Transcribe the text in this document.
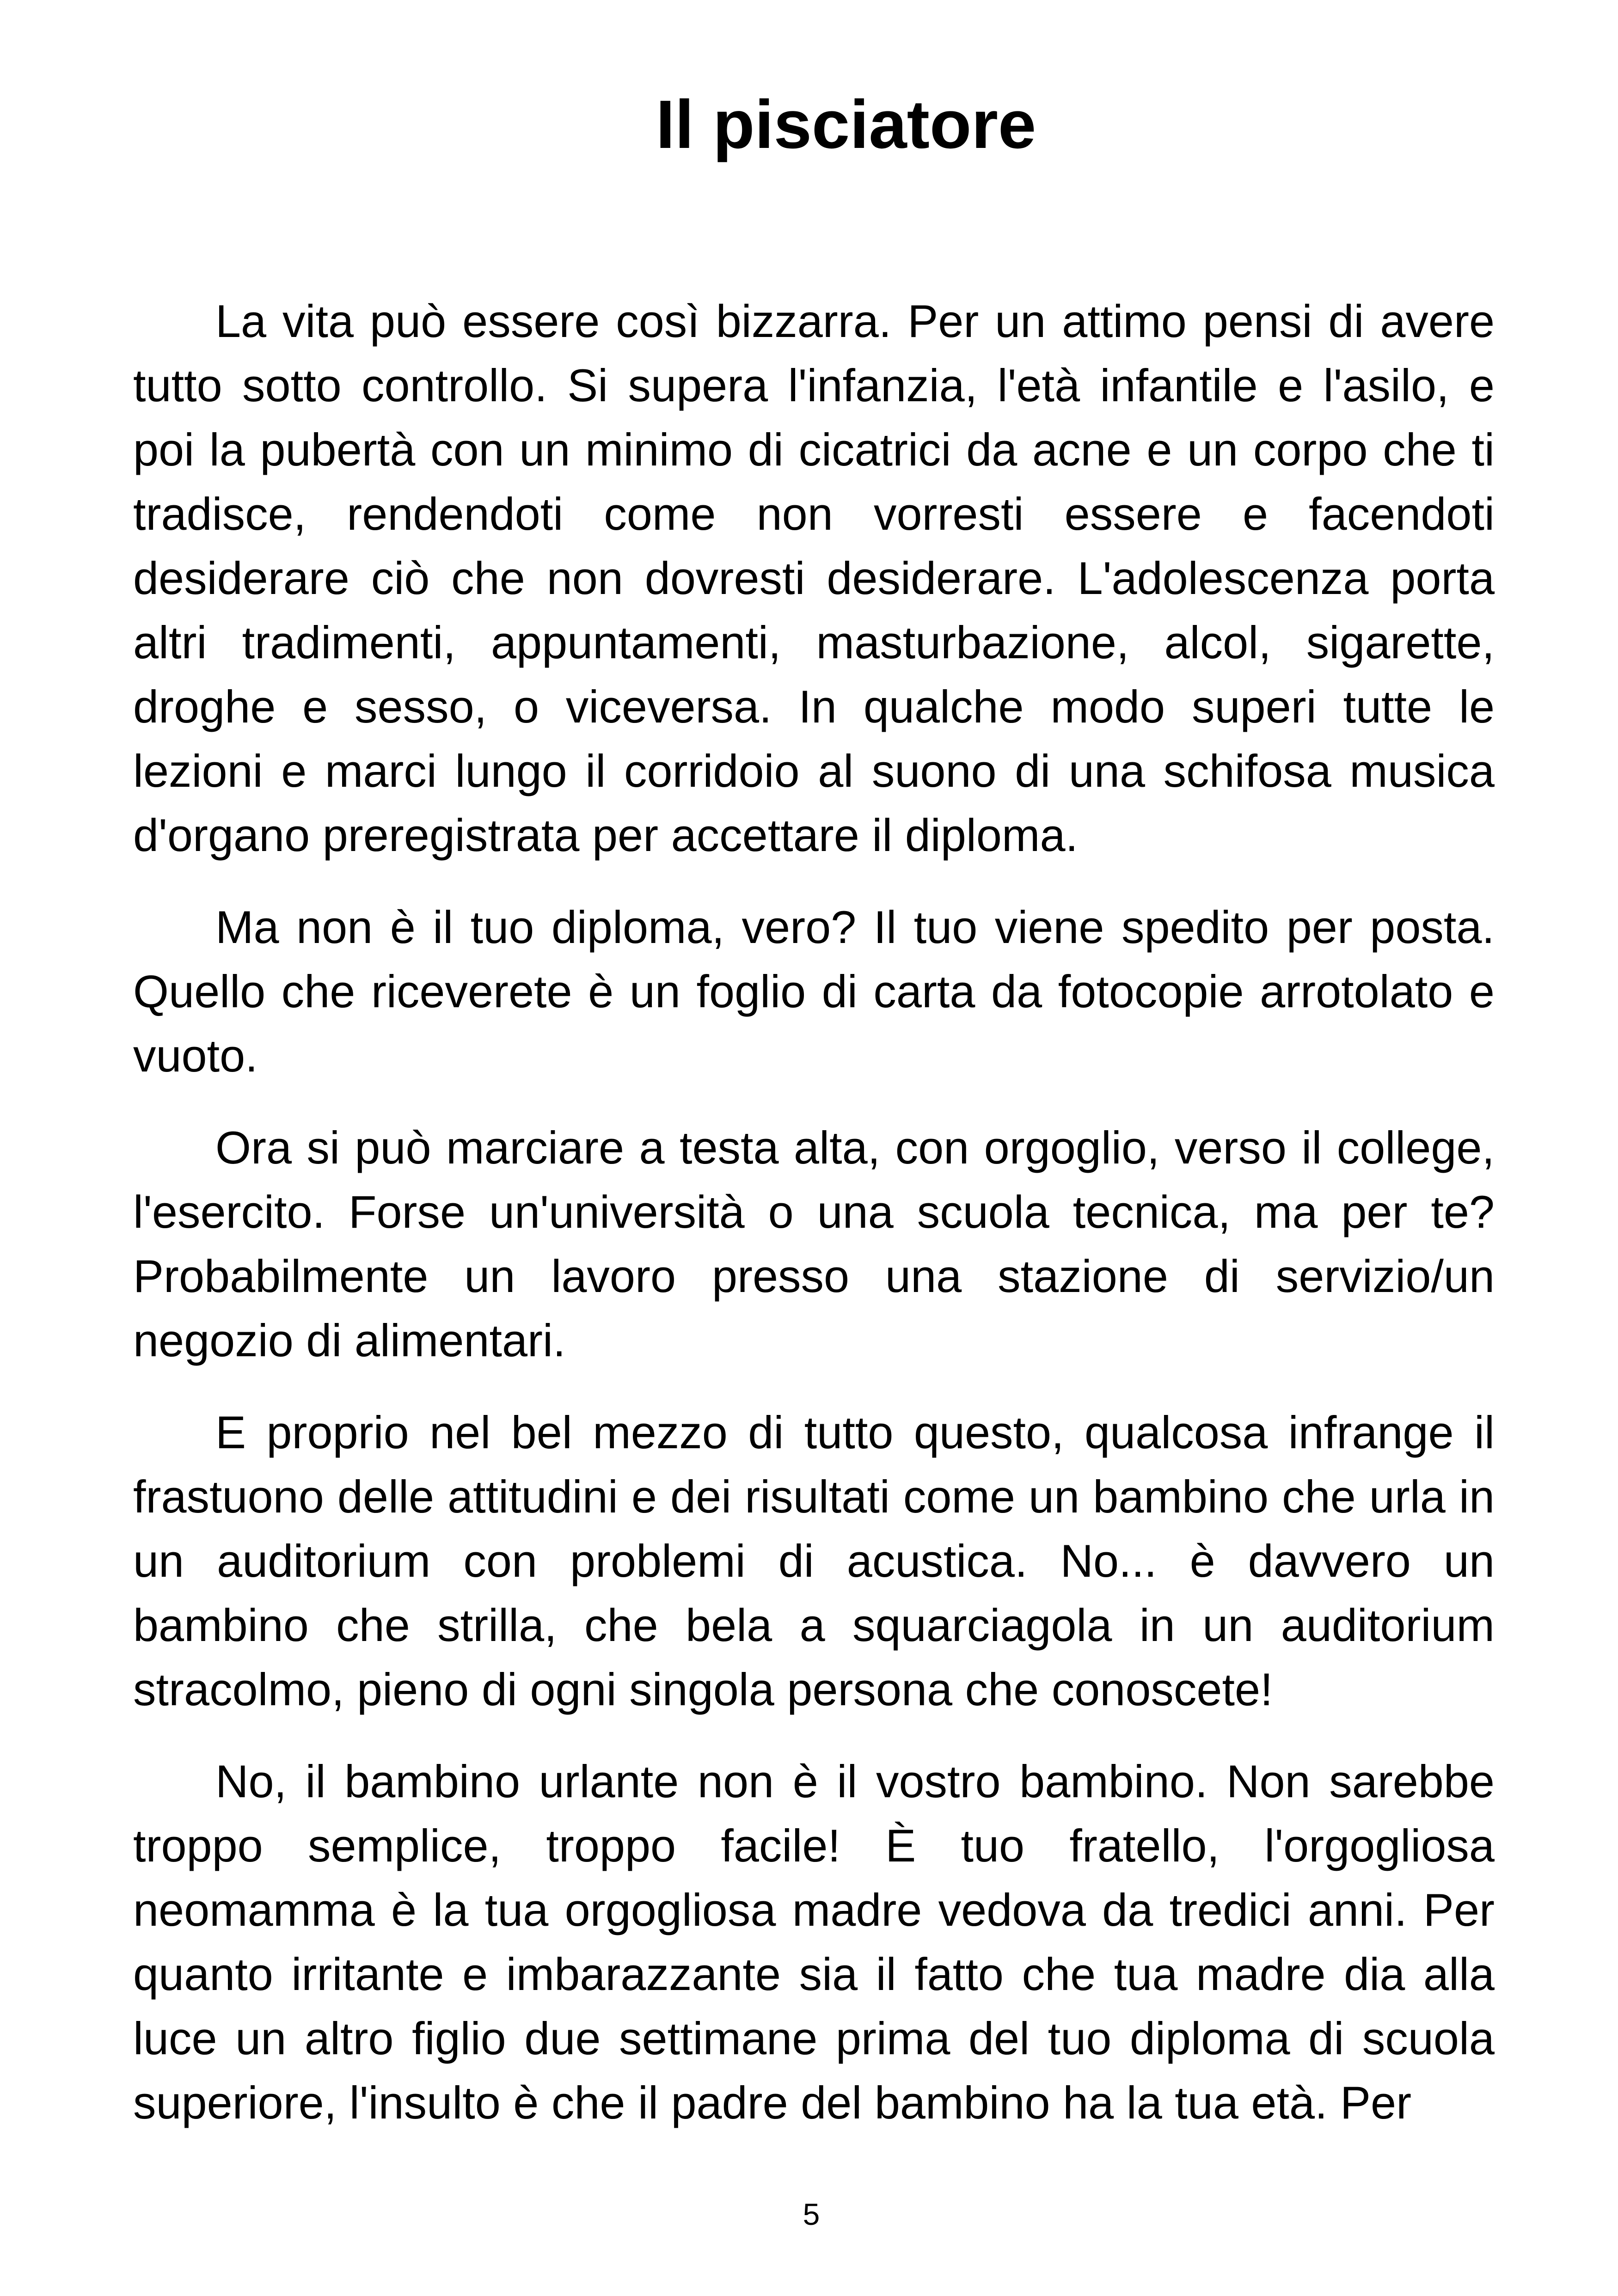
Il pisciatore

La vita può essere così bizzarra. Per un attimo pensi di avere tutto sotto controllo. Si supera l'infanzia, l'età infantile e l'asilo, e poi la pubertà con un minimo di cicatrici da acne e un corpo che ti tradisce, rendendoti come non vorresti essere e facendoti desiderare ciò che non dovresti desiderare. L'adolescenza porta altri tradimenti, appuntamenti, masturbazione, alcol, sigarette, droghe e sesso, o viceversa. In qualche modo superi tutte le lezioni e marci lungo il corridoio al suono di una schifosa musica d'organo preregistrata per accettare il diploma.

Ma non è il tuo diploma, vero? Il tuo viene spedito per posta. Quello che riceverete è un foglio di carta da fotocopie arrotolato e vuoto.

Ora si può marciare a testa alta, con orgoglio, verso il college, l'esercito. Forse un'università o una scuola tecnica, ma per te? Probabilmente un lavoro presso una stazione di servizio/un negozio di alimentari.

E proprio nel bel mezzo di tutto questo, qualcosa infrange il frastuono delle attitudini e dei risultati come un bambino che urla in un auditorium con problemi di acustica. No... è davvero un bambino che strilla, che bela a squarciagola in un auditorium stracolmo, pieno di ogni singola persona che conoscete!

No, il bambino urlante non è il vostro bambino. Non sarebbe troppo semplice, troppo facile! È tuo fratello, l'orgogliosa neomamma è la tua orgogliosa madre vedova da tredici anni. Per quanto irritante e imbarazzante sia il fatto che tua madre dia alla luce un altro figlio due settimane prima del tuo diploma di scuola superiore, l'insulto è che il padre del bambino ha la tua età. Per

5
